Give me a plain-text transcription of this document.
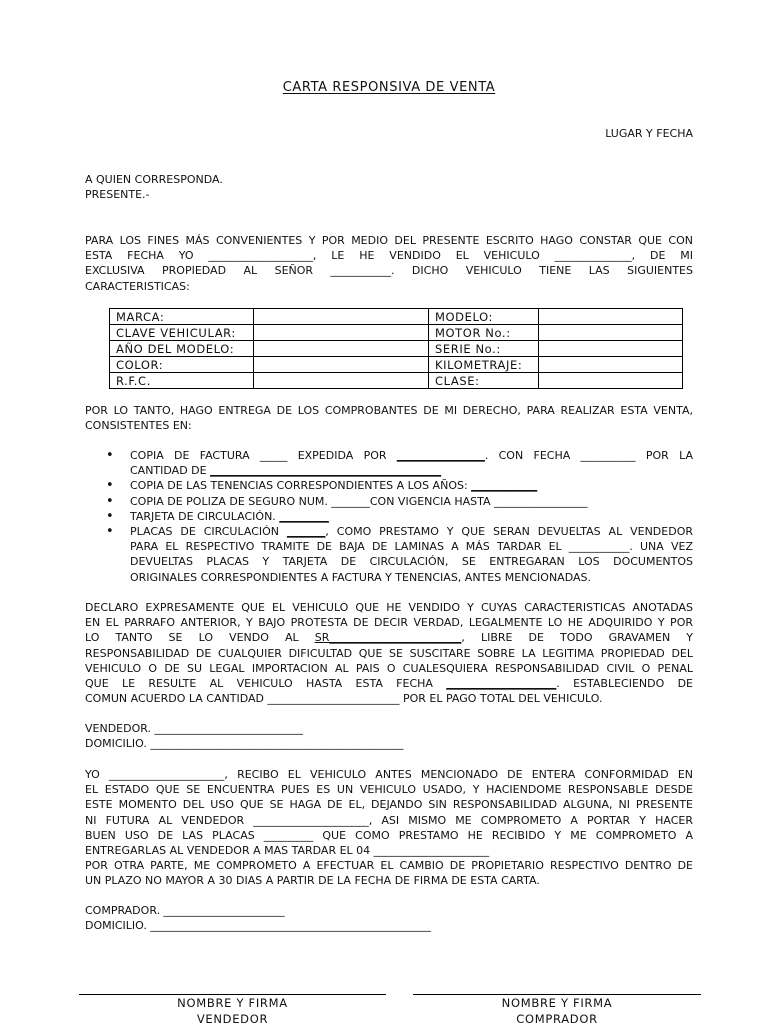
CARTA RESPONSIVA DE VENTA
LUGAR Y FECHA
A QUIEN CORRESPONDA.
PRESENTE.-
PARA LOS FINES MÁS CONVENIENTES Y POR MEDIO DEL PRESENTE ESCRITO HAGO CONSTAR QUE CON
ESTA FECHA YO ___________________, LE HE VENDIDO EL VEHICULO ______________, DE MI
EXCLUSIVA PROPIEDAD AL SEÑOR ___________. DICHO VEHICULO TIENE LAS SIGUIENTES
CARACTERISTICAS:
MARCA:		MODELO:	
CLAVE VEHICULAR:		MOTOR No.:	
AÑO DEL MODELO:		SERIE No.:	
COLOR:		KILOMETRAJE:	
R.F.C.		CLASE:	
POR LO TANTO, HAGO ENTREGA DE LOS COMPROBANTES DE MI DERECHO, PARA REALIZAR ESTA VENTA,
CONSISTENTES EN:
• COPIA DE FACTURA _____ EXPEDIDA POR ________________. CON FECHA __________ POR LA
CANTIDAD DE __________________________________________
• COPIA DE LAS TENENCIAS CORRESPONDIENTES A LOS AÑOS: ____________
• COPIA DE POLIZA DE SEGURO NUM. _______CON VIGENCIA HASTA _________________
• TARJETA DE CIRCULACIÓN. _________
• PLACAS DE CIRCULACIÓN _______, COMO PRESTAMO Y QUE SERAN DEVUELTAS AL VENDEDOR
PARA EL RESPECTIVO TRAMITE DE BAJA DE LAMINAS A MÁS TARDAR EL ___________. UNA VEZ
DEVUELTAS PLACAS Y TARJETA DE CIRCULACIÓN, SE ENTREGARAN LOS DOCUMENTOS
ORIGINALES CORRESPONDIENTES A FACTURA Y TENENCIAS, ANTES MENCIONADAS.
DECLARO EXPRESAMENTE QUE EL VEHICULO QUE HE VENDIDO Y CUYAS CARACTERISTICAS ANOTADAS
EN EL PARRAFO ANTERIOR, Y BAJO PROTESTA DE DECIR VERDAD, LEGALMENTE LO HE ADQUIRIDO Y POR
LO TANTO SE LO VENDO AL SR________________________, LIBRE DE TODO GRAVAMEN Y
RESPONSABILIDAD DE CUALQUIER DIFICULTAD QUE SE SUSCITARE SOBRE LA LEGITIMA PROPIEDAD DEL
VEHICULO O DE SU LEGAL IMPORTACION AL PAIS O CUALESQUIERA RESPONSABILIDAD CIVIL O PENAL
QUE LE RESULTE AL VEHICULO HASTA ESTA FECHA ____________________. ESTABLECIENDO DE
COMUN ACUERDO LA CANTIDAD ________________________ POR EL PAGO TOTAL DEL VEHICULO.
VENDEDOR. ___________________________
DOMICILIO. ______________________________________________
YO _____________________, RECIBO EL VEHICULO ANTES MENCIONADO DE ENTERA CONFORMIDAD EN
EL ESTADO QUE SE ENCUENTRA PUES ES UN VEHICULO USADO, Y HACIENDOME RESPONSABLE DESDE
ESTE MOMENTO DEL USO QUE SE HAGA DE EL, DEJANDO SIN RESPONSABILIDAD ALGUNA, NI PRESENTE
NI FUTURA AL VENDEDOR _____________________, ASI MISMO ME COMPROMETO A PORTAR Y HACER
BUEN USO DE LAS PLACAS _________ QUE COMO PRESTAMO HE RECIBIDO Y ME COMPROMETO A
ENTREGARLAS AL VENDEDOR A MAS TARDAR EL 04 _____________________
POR OTRA PARTE, ME COMPROMETO A EFECTUAR EL CAMBIO DE PROPIETARIO RESPECTIVO DENTRO DE
UN PLAZO NO MAYOR A 30 DIAS A PARTIR DE LA FECHA DE FIRMA DE ESTA CARTA.
COMPRADOR. ______________________
DOMICILIO. ___________________________________________________
NOMBRE Y FIRMA
VENDEDOR
NOMBRE Y FIRMA
COMPRADOR
